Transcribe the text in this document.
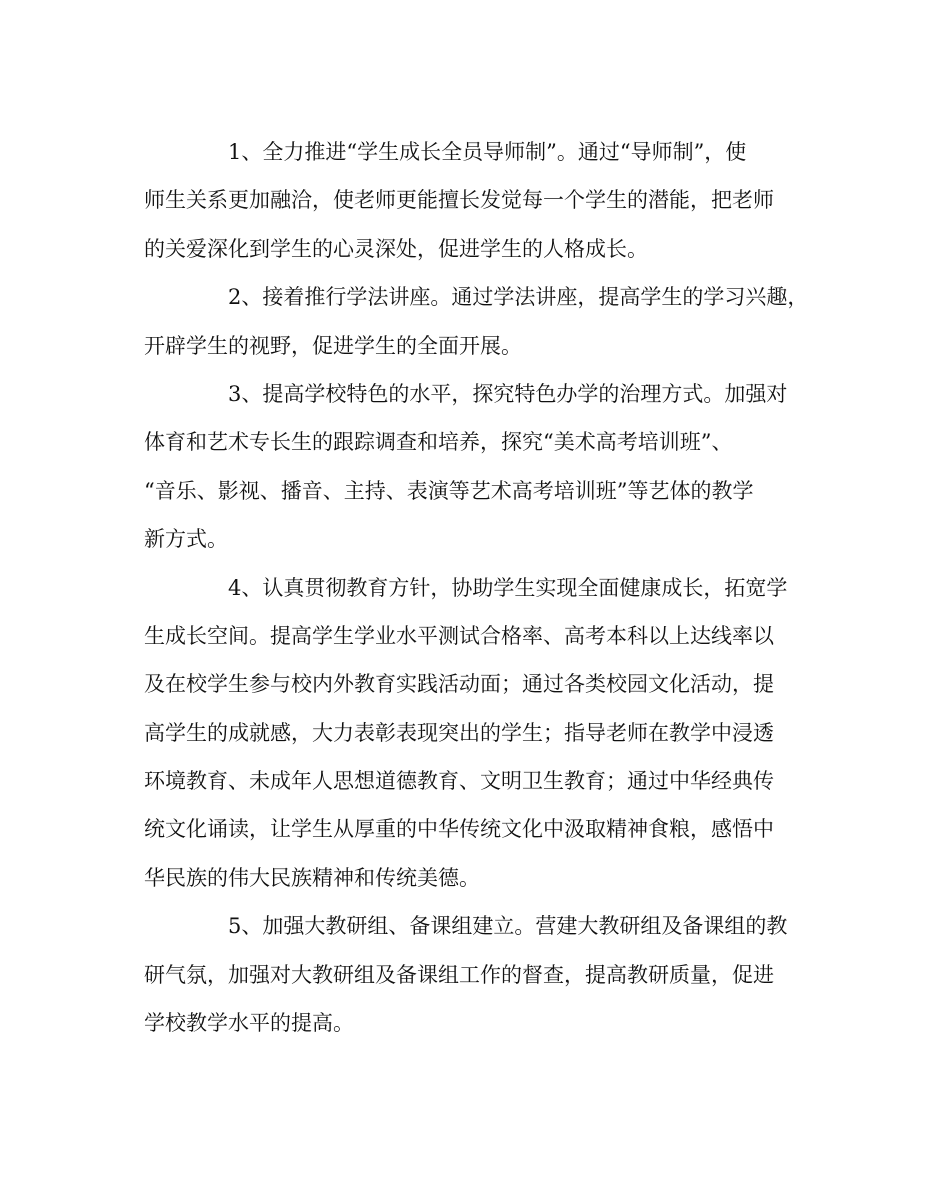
1、全力推进“学生成长全员导师制”。通过“导师制”，使
师生关系更加融洽，使老师更能擅长发觉每一个学生的潜能，把老师
的关爱深化到学生的心灵深处，促进学生的人格成长。
2、接着推行学法讲座。通过学法讲座，提高学生的学习兴趣，
开辟学生的视野，促进学生的全面开展。
3、提高学校特色的水平，探究特色办学的治理方式。加强对
体育和艺术专长生的跟踪调查和培养，探究“美术高考培训班”、
“音乐、影视、播音、主持、表演等艺术高考培训班”等艺体的教学
新方式。
4、认真贯彻教育方针，协助学生实现全面健康成长，拓宽学
生成长空间。提高学生学业水平测试合格率、高考本科以上达线率以
及在校学生参与校内外教育实践活动面；通过各类校园文化活动，提
高学生的成就感，大力表彰表现突出的学生；指导老师在教学中浸透
环境教育、未成年人思想道德教育、文明卫生教育；通过中华经典传
统文化诵读，让学生从厚重的中华传统文化中汲取精神食粮，感悟中
华民族的伟大民族精神和传统美德。
5、加强大教研组、备课组建立。营建大教研组及备课组的教
研气氛，加强对大教研组及备课组工作的督查，提高教研质量，促进
学校教学水平的提高。
